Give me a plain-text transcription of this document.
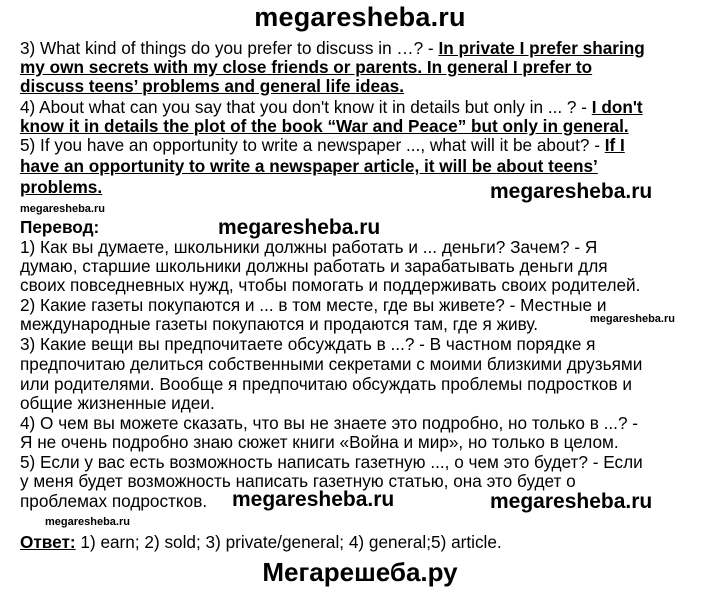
megaresheba.ru
3) What kind of things do you prefer to discuss in …? - In private I prefer sharing
my own secrets with my close friends or parents. In general I prefer to
discuss teens’ problems and general life ideas.
4) About what can you say that you don't know it in details but only in ... ? - I don't
know it in details the plot of the book “War and Peace” but only in general.
5) If you have an opportunity to write a newspaper ..., what will it be about? - If I
have an opportunity to write a newspaper article, it will be about teens’
problems.	megaresheba.ru
megaresheba.ru
Перевод:	megaresheba.ru
1) Как вы думаете, школьники должны работать и ... деньги? Зачем? - Я
думаю, старшие школьники должны работать и зарабатывать деньги для
своих повседневных нужд, чтобы помогать и поддерживать своих родителей.
2) Какие газеты покупаются и ... в том месте, где вы живете? - Местные и
международные газеты покупаются и продаются там, где я живу.	megaresheba.ru
3) Какие вещи вы предпочитаете обсуждать в ...? - В частном порядке я
предпочитаю делиться собственными секретами с моими близкими друзьями
или родителями. Вообще я предпочитаю обсуждать проблемы подростков и
общие жизненные идеи.
4) О чем вы можете сказать, что вы не знаете это подробно, но только в ...? -
Я не очень подробно знаю сюжет книги «Война и мир», но только в целом.
5) Если у вас есть возможность написать газетную ..., о чем это будет? - Если
у меня будет возможность написать газетную статью, она это будет о
проблемах подростков. megaresheba.ru	megaresheba.ru
megaresheba.ru
Ответ: 1) earn; 2) sold; 3) private/general; 4) general;5) article.
Мегарешеба.ру
